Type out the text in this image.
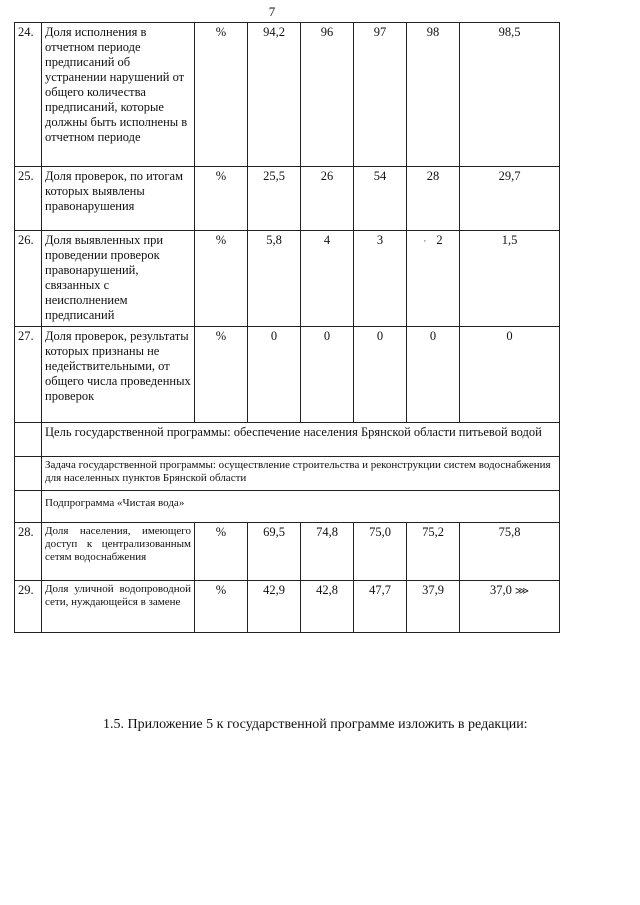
7
24.	Доля исполнения в отчетном периоде предписаний об устранении нарушений от общего количества предписаний, которые должны быть исполнены в отчетном периоде	%	94,2	96	97	98	98,5
25.	Доля проверок, по итогам которых выявлены правонарушения	%	25,5	26	54	28	29,7
26.	Доля выявленных при проведении проверок правонарушений, связанных с неисполнением предписаний	%	5,8	4	3	· 2	1,5
27.	Доля проверок, результаты которых признаны не недействительными, от общего числа проведенных проверок	%	0	0	0	0	0
	Цель государственной программы: обеспечение населения Брянской области питьевой водой						
	Задача государственной программы: осуществление строительства и реконструкции систем водоснабжения для населенных пунктов Брянской области						
	Подпрограмма «Чистая вода»						
28.	Доля населения, имеющего доступ к централизованным сетям водоснабжения	%	69,5	74,8	75,0	75,2	75,8
29.	Доля уличной водопроводной сети, нуждающейся в замене	%	42,9	42,8	47,7	37,9	37,0 ⋙
1.5. Приложение 5 к государственной программе изложить в редакции:
